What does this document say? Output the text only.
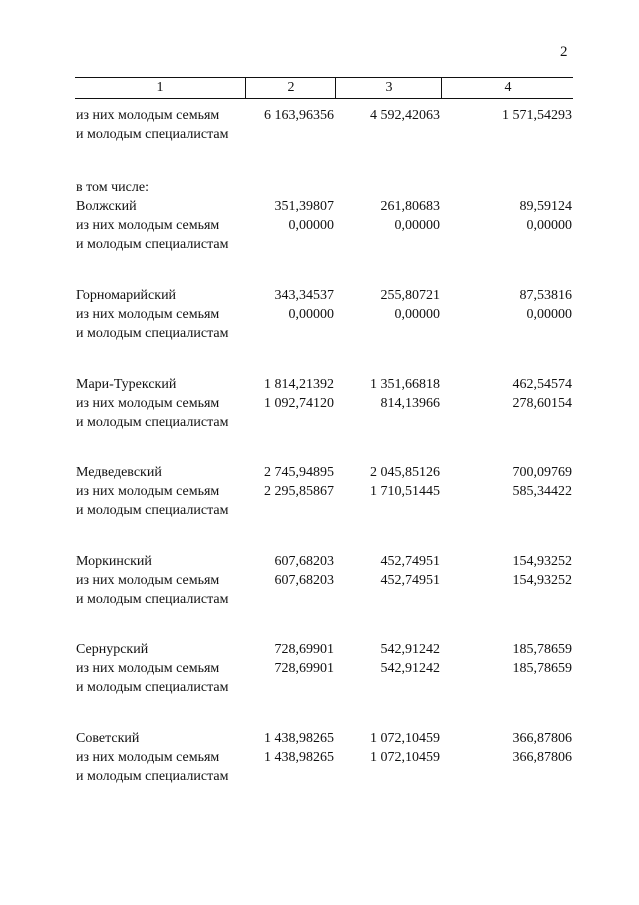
2
1	2	3	4
из них молодым семьям	6 163,96356	4 592,42063	1 571,54293
и молодым специалистам
в том числе:
Волжский	351,39807	261,80683	89,59124
из них молодым семьям	0,00000	0,00000	0,00000
и молодым специалистам
Горномарийский	343,34537	255,80721	87,53816
из них молодым семьям	0,00000	0,00000	0,00000
и молодым специалистам
Мари-Турекский	1 814,21392	1 351,66818	462,54574
из них молодым семьям	1 092,74120	814,13966	278,60154
и молодым специалистам
Медведевский	2 745,94895	2 045,85126	700,09769
из них молодым семьям	2 295,85867	1 710,51445	585,34422
и молодым специалистам
Моркинский	607,68203	452,74951	154,93252
из них молодым семьям	607,68203	452,74951	154,93252
и молодым специалистам
Сернурский	728,69901	542,91242	185,78659
из них молодым семьям	728,69901	542,91242	185,78659
и молодым специалистам
Советский	1 438,98265	1 072,10459	366,87806
из них молодым семьям	1 438,98265	1 072,10459	366,87806
и молодым специалистам
